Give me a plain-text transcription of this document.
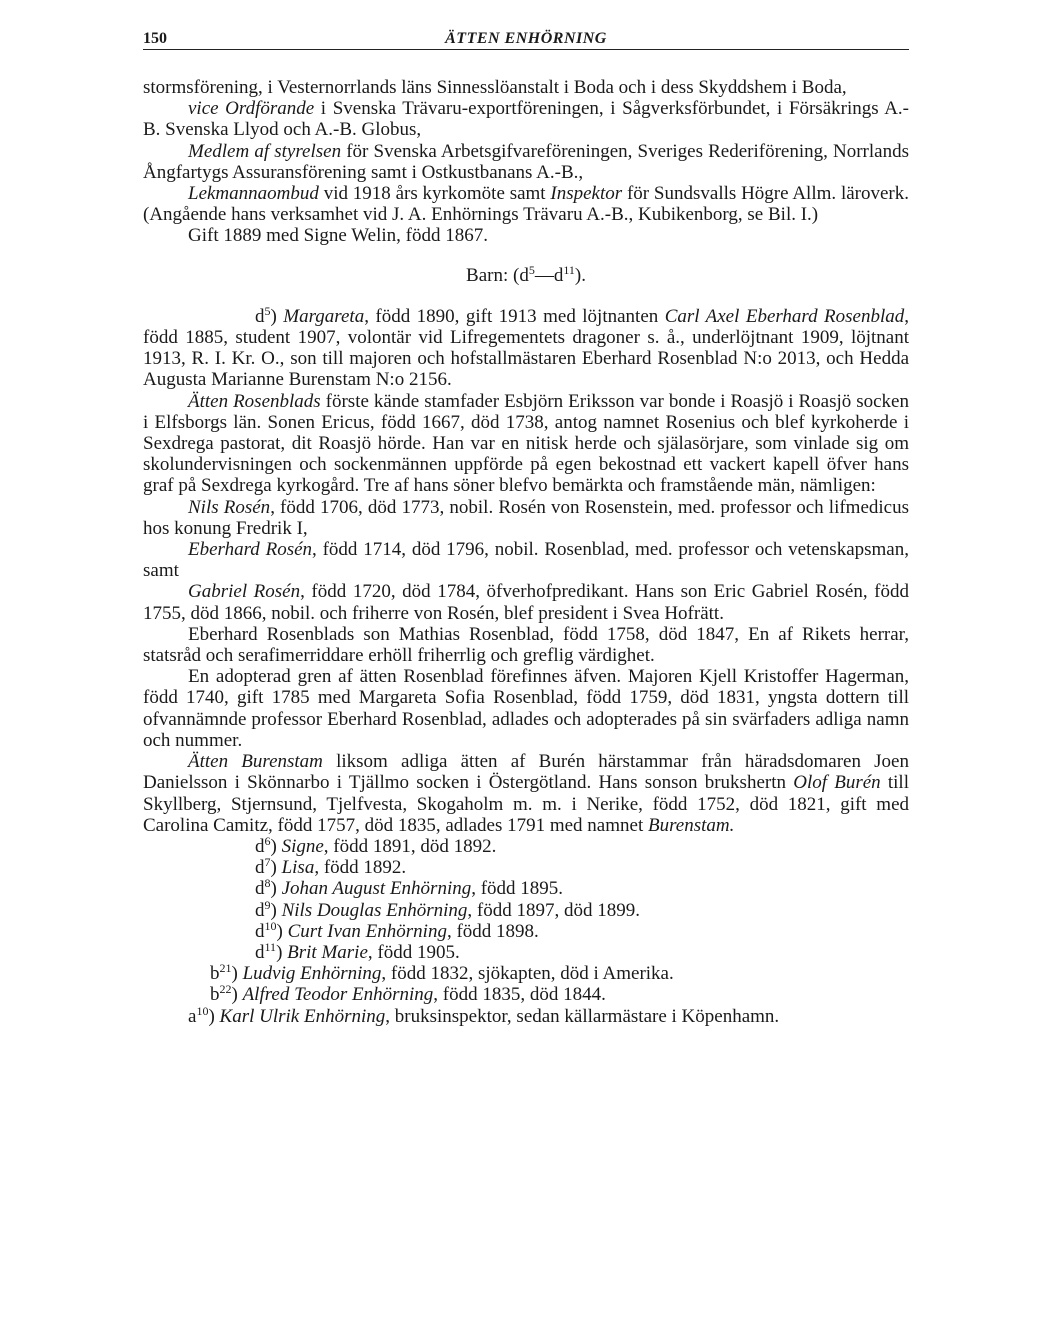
150	ÄTTEN ENHÖRNING

stormsförening, i Vesternorrlands läns Sinnesslöanstalt i Boda och i dess Skyddshem i Boda,

vice Ordförande i Svenska Trävaru-exportföreningen, i Sågverksförbundet, i Försäkrings A.-B. Svenska Llyod och A.-B. Globus,

Medlem af styrelsen för Svenska Arbetsgifvareföreningen, Sveriges Rederiförening, Norrlands Ångfartygs Assuransförening samt i Ostkustbanans A.-B.,

Lekmannaombud vid 1918 års kyrkomöte samt Inspektor för Sundsvalls Högre Allm. läroverk. (Angående hans verksamhet vid J. A. Enhörnings Trävaru A.-B., Kubikenborg, se Bil. I.)

Gift 1889 med Signe Welin, född 1867.

Barn: $(d^5—d^{11})$.

$d^5$) Margareta, född 1890, gift 1913 med löjtnanten Carl Axel Eberhard Rosenblad, född 1885, student 1907, volontär vid Lifregementets dragoner s. å., underlöjtnant 1909, löjtnant 1913, R. I. Kr. O., son till majoren och hofstallmästaren Eberhard Rosenblad N:o 2013, och Hedda Augusta Marianne Burenstam N:o 2156.

Ätten Rosenblads förste kände stamfader Esbjörn Eriksson var bonde i Roasjö i Roasjö socken i Elfsborgs län. Sonen Ericus, född 1667, död 1738, antog namnet Rosenius och blef kyrkoherde i Sexdrega pastorat, dit Roasjö hörde. Han var en nitisk herde och själasörjare, som vinlade sig om skolundervisningen och sockenmännen uppförde på egen bekostnad ett vackert kapell öfver hans graf på Sexdrega kyrkogård. Tre af hans söner blefvo bemärkta och framstående män, nämligen:

Nils Rosén, född 1706, död 1773, nobil. Rosén von Rosenstein, med. professor och lifmedicus hos konung Fredrik I,

Eberhard Rosén, född 1714, död 1796, nobil. Rosenblad, med. professor och vetenskapsman, samt

Gabriel Rosén, född 1720, död 1784, öfverhofpredikant. Hans son Eric Gabriel Rosén, född 1755, död 1866, nobil. och friherre von Rosén, blef president i Svea Hofrätt.

Eberhard Rosenblads son Mathias Rosenblad, född 1758, död 1847, En af Rikets herrar, statsråd och serafimerriddare erhöll friherrlig och greflig värdighet.

En adopterad gren af ätten Rosenblad förefinnes äfven. Majoren Kjell Kristoffer Hagerman, född 1740, gift 1785 med Margareta Sofia Rosenblad, född 1759, död 1831, yngsta dottern till ofvannämnde professor Eberhard Rosenblad, adlades och adopterades på sin svärfaders adliga namn och nummer.

Ätten Burenstam liksom adliga ätten af Burén härstammar från häradsdomaren Joen Danielsson i Skönnarbo i Tjällmo socken i Östergötland. Hans sonson brukshertn Olof Burén till Skyllberg, Stjernsund, Tjelfvesta, Skogaholm m. m. i Nerike, född 1752, död 1821, gift med Carolina Camitz, född 1757, död 1835, adlades 1791 med namnet Burenstam.

$d^6$) Signe, född 1891, död 1892.

$d^7$) Lisa, född 1892.

$d^8$) Johan August Enhörning, född 1895.

$d^9$) Nils Douglas Enhörning, född 1897, död 1899.

$d^{10}$) Curt Ivan Enhörning, född 1898.

$d^{11}$) Brit Marie, född 1905.

$b^{21}$) Ludvig Enhörning, född 1832, sjökapten, död i Amerika.

$b^{22}$) Alfred Teodor Enhörning, född 1835, död 1844.

$a^{10}$) Karl Ulrik Enhörning, bruksinspektor, sedan källarmästare i Köpenhamn.
